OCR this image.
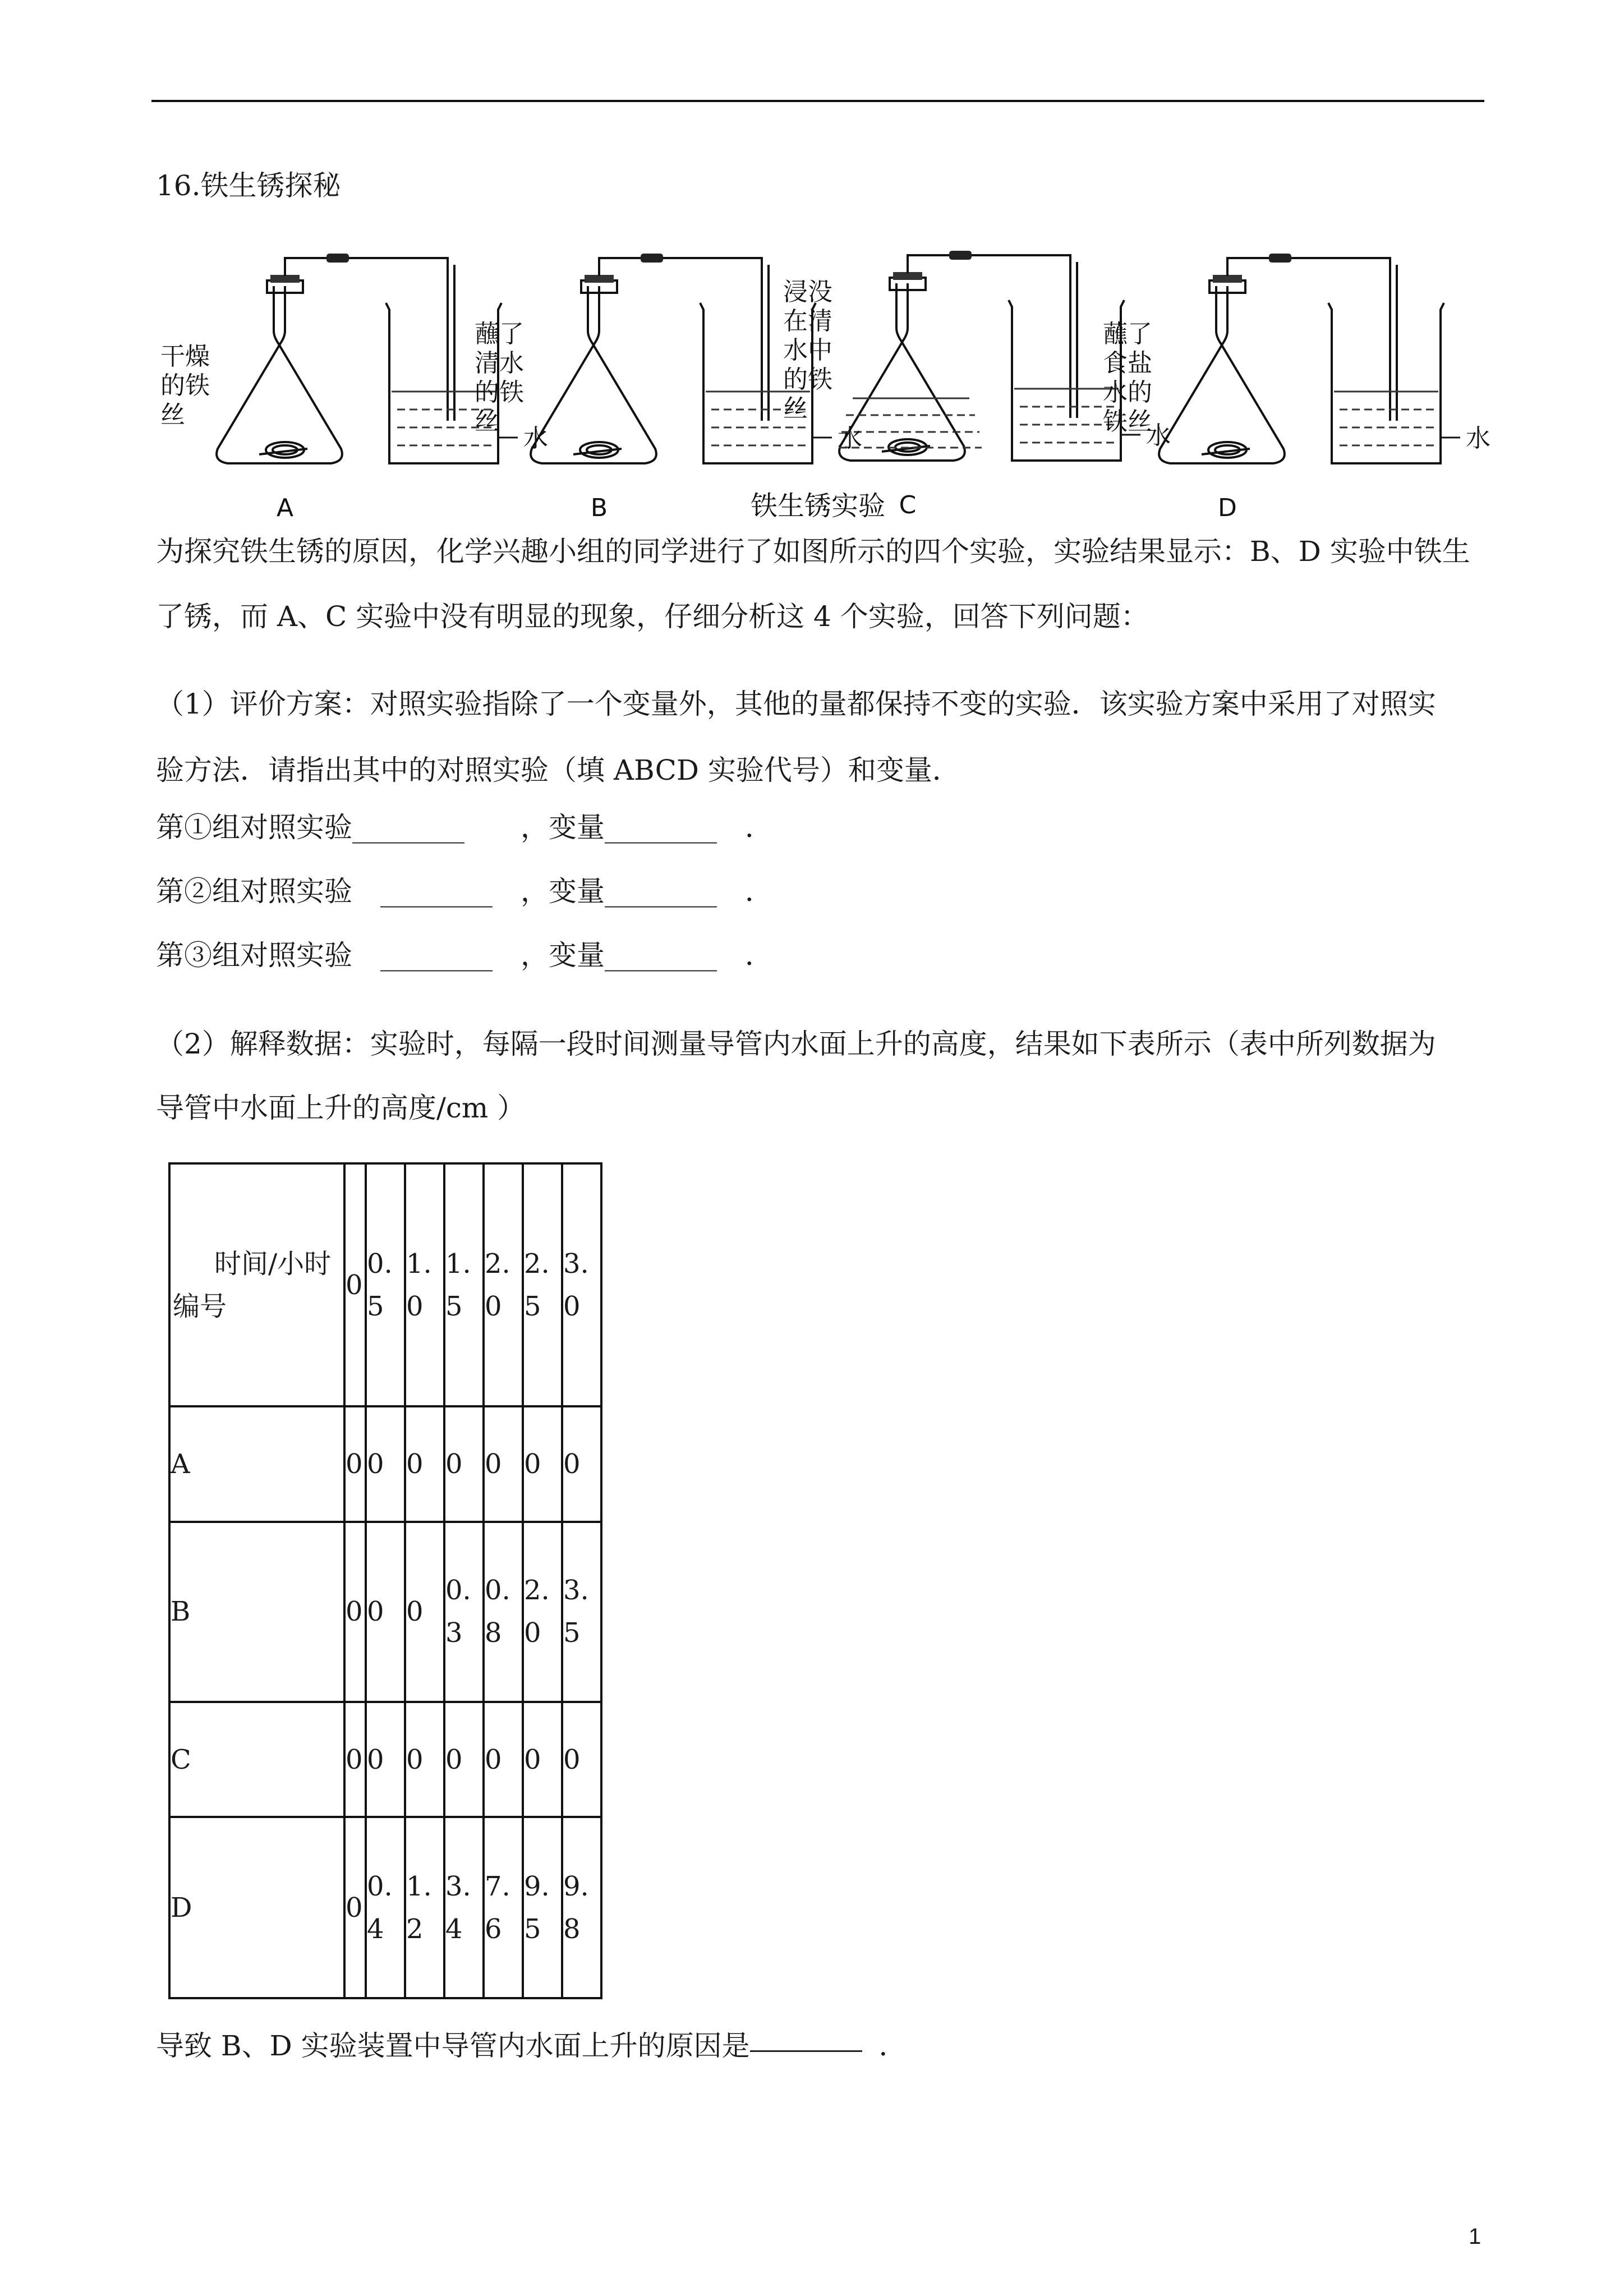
16.铁生锈探秘
干燥
的铁
丝
水
A
蘸了
清水
的铁
丝
水
B
浸没
在清
水中
的铁
丝
水
C
蘸了
食盐
水的
铁丝
水
D
铁生锈实验
为探究铁生锈的原因，化学兴趣小组的同学进行了如图所示的四个实验，实验结果显示：B、D 实验中铁生
了锈，而 A、C 实验中没有明显的现象，仔细分析这 4 个实验，回答下列问题：
（1）评价方案：对照实验指除了一个变量外，其他的量都保持不变的实验．该实验方案中采用了对照实
验方法．请指出其中的对照实验（填 ABCD 实验代号）和变量．
第①组对照实验________ ，变量________ ．
第②组对照实验 ________ ，变量________ ．
第③组对照实验 ________ ，变量________ ．
（2）解释数据：实验时，每隔一段时间测量导管内水面上升的高度，结果如下表所示（表中所列数据为
导管中水面上升的高度/cm ）
时间/小时
编号	0	0.5	1.0	1.5	2.0	2.5	3.0
A	0	0	0	0	0	0	0
B	0	0	0	0.3	0.8	2.0	3.5
C	0	0	0	0	0	0	0
D	0	0.4	1.2	3.4	7.6	9.5	9.8
导致 B、D 实验装置中导管内水面上升的原因是	．
1
